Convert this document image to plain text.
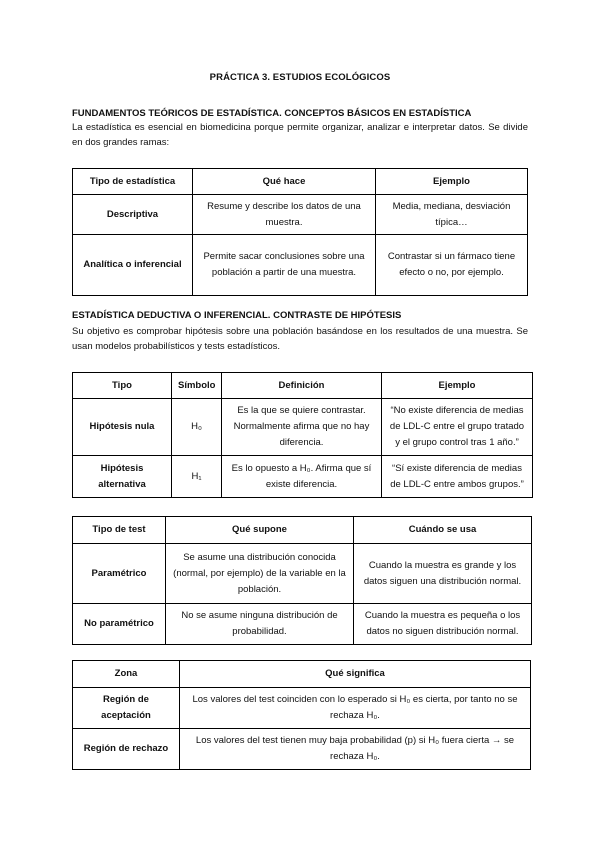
PRÁCTICA 3. ESTUDIOS ECOLÓGICOS
FUNDAMENTOS TEÓRICOS DE ESTADÍSTICA. CONCEPTOS BÁSICOS EN ESTADÍSTICA
La estadística es esencial en biomedicina porque permite organizar, analizar e interpretar datos. Se divide en dos grandes ramas:
Tipo de estadística	Qué hace	Ejemplo
Descriptiva	Resume y describe los datos de una muestra.	Media, mediana, desviación típica…
Analítica o inferencial	Permite sacar conclusiones sobre una población a partir de una muestra.	Contrastar si un fármaco tiene efecto o no, por ejemplo.
ESTADÍSTICA DEDUCTIVA O INFERENCIAL. CONTRASTE DE HIPÓTESIS
Su objetivo es comprobar hipótesis sobre una población basándose en los resultados de una muestra. Se usan modelos probabilísticos y tests estadísticos.
Tipo	Símbolo	Definición	Ejemplo
Hipótesis nula	H₀	Es la que se quiere contrastar. Normalmente afirma que no hay diferencia.	“No existe diferencia de medias de LDL-C entre el grupo tratado y el grupo control tras 1 año.”
Hipótesis alternativa	H₁	Es lo opuesto a H₀. Afirma que sí existe diferencia.	“Sí existe diferencia de medias de LDL-C entre ambos grupos.”
Tipo de test	Qué supone	Cuándo se usa
Paramétrico	Se asume una distribución conocida (normal, por ejemplo) de la variable en la población.	Cuando la muestra es grande y los datos siguen una distribución normal.
No paramétrico	No se asume ninguna distribución de probabilidad.	Cuando la muestra es pequeña o los datos no siguen distribución normal.
Zona	Qué significa
Región de aceptación	Los valores del test coinciden con lo esperado si H₀ es cierta, por tanto no se rechaza H₀.
Región de rechazo	Los valores del test tienen muy baja probabilidad (p) si H₀ fuera cierta → se rechaza H₀.
